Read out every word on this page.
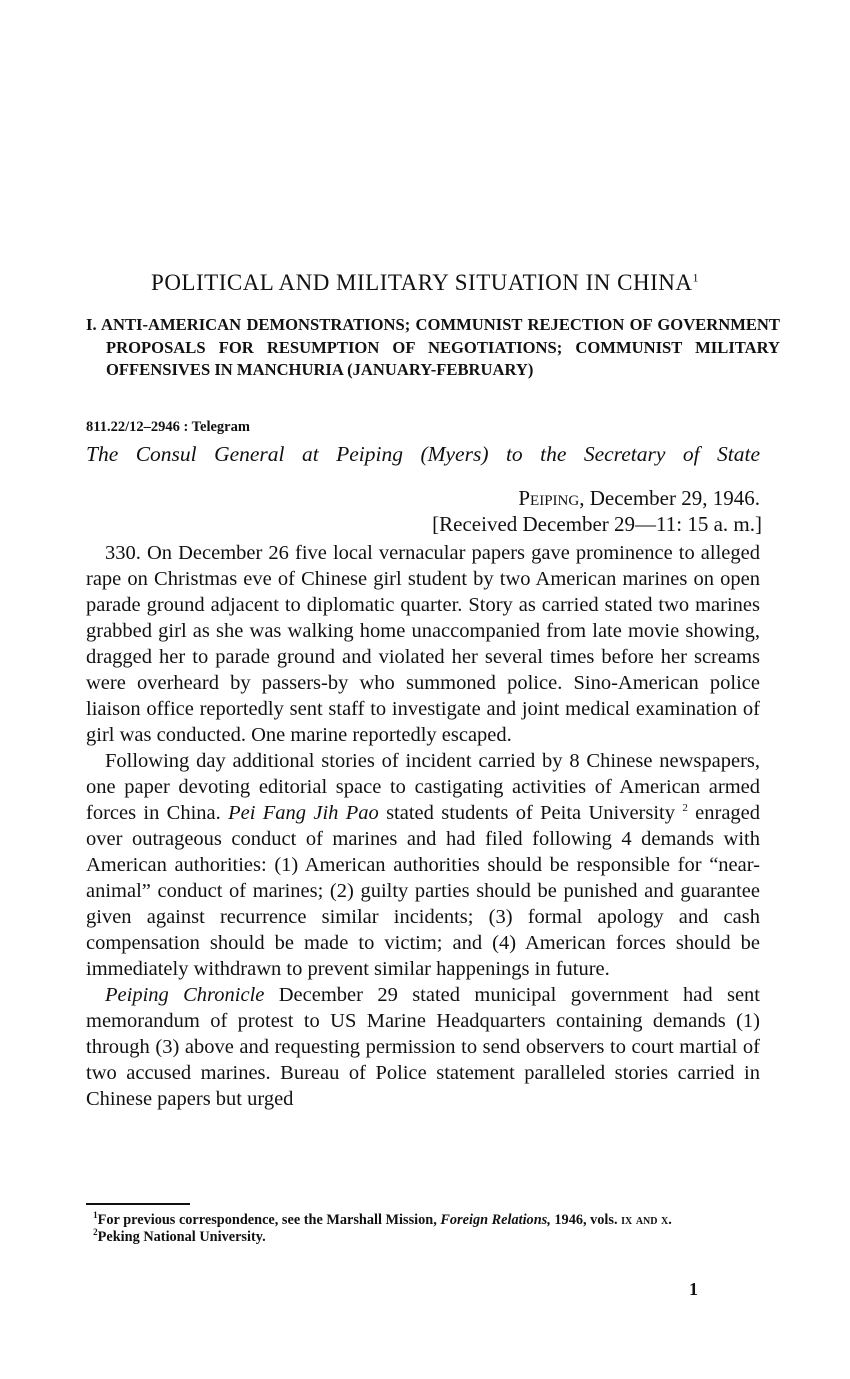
POLITICAL AND MILITARY SITUATION IN CHINA$^1$
I. ANTI-AMERICAN DEMONSTRATIONS; COMMUNIST REJECTION OF GOVERNMENT PROPOSALS FOR RESUMPTION OF NEGOTIATIONS; COMMUNIST MILITARY OFFENSIVES IN MANCHURIA (JANUARY-FEBRUARY)
811.22/12–2946 : Telegram
The Consul General at Peiping (Myers) to the Secretary of State
Peiping, December 29, 1946.
[Received December 29—11: 15 a. m.]

330. On December 26 five local vernacular papers gave prominence to alleged rape on Christmas eve of Chinese girl student by two American marines on open parade ground adjacent to diplomatic quarter. Story as carried stated two marines grabbed girl as she was walking home unaccompanied from late movie showing, dragged her to parade ground and violated her several times before her screams were overheard by passers-by who summoned police. Sino-American police liaison office reportedly sent staff to investigate and joint medical examination of girl was conducted. One marine reportedly escaped.

Following day additional stories of incident carried by 8 Chinese newspapers, one paper devoting editorial space to castigating activities of American armed forces in China. Pei Fang Jih Pao stated students of Peita University $^2$ enraged over outrageous conduct of marines and had filed following 4 demands with American authorities: (1) American authorities should be responsible for “near-animal” conduct of marines; (2) guilty parties should be punished and guarantee given against recurrence similar incidents; (3) formal apology and cash compensation should be made to victim; and (4) American forces should be immediately withdrawn to prevent similar happenings in future.

Peiping Chronicle December 29 stated municipal government had sent memorandum of protest to US Marine Headquarters containing demands (1) through (3) above and requesting permission to send observers to court martial of two accused marines. Bureau of Police statement paralleled stories carried in Chinese papers but urged

$^1$For previous correspondence, see the Marshall Mission, Foreign Relations, 1946, vols. ix and x.

$^2$Peking National University.

1
